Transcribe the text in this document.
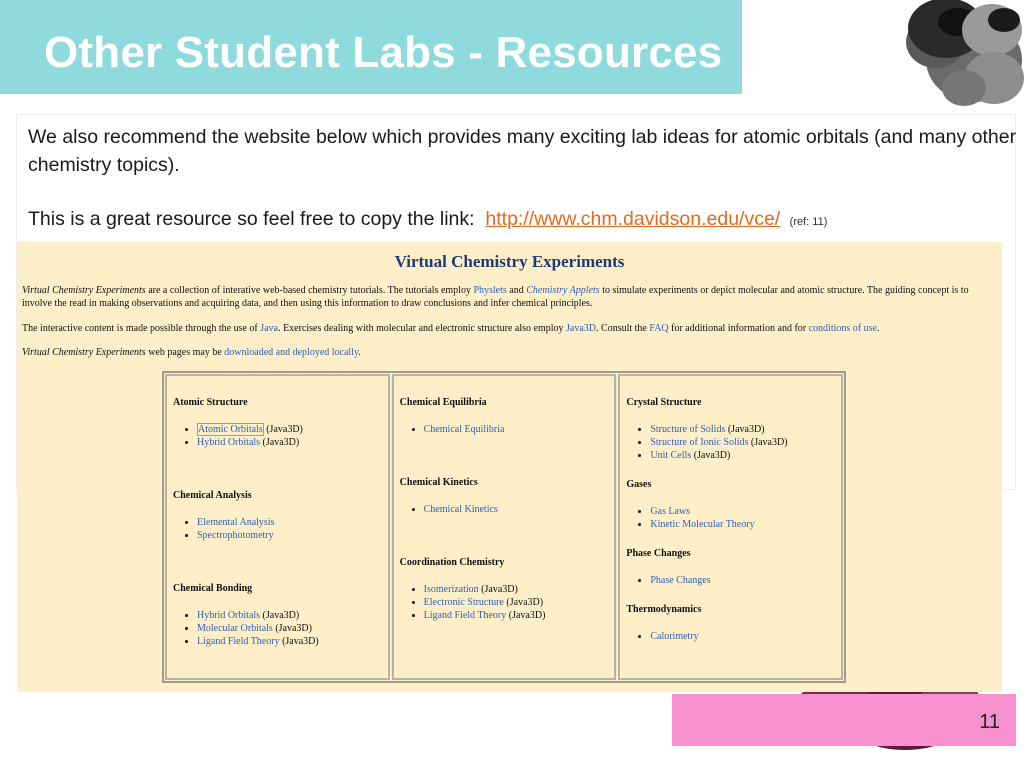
Other Student Labs - Resources
11

We also recommend the website below which provides many exciting lab ideas for atomic orbitals (and many other chemistry topics).

This is a great resource so feel free to copy the link: http://www.chm.davidson.edu/vce/ (ref: 11)

Virtual Chemistry Experiments

Virtual Chemistry Experiments are a collection of interative web-based chemistry tutorials. The tutorials employ Physlets and Chemistry Applets to simulate experiments or depict molecular and atomic structure. The guiding concept is to involve the read in making observations and acquiring data, and then using this information to draw conclusions and infer chemical principles.

The interactive content is made possible through the use of Java. Exercises dealing with molecular and electronic structure also employ Java3D. Consult the FAQ for additional information and for conditions of use.

Virtual Chemistry Experiments web pages may be downloaded and deployed locally.

Atomic Structure
• Atomic Orbitals (Java3D)
• Hybrid Orbitals (Java3D)
Chemical Analysis
• Elemental Analysis
• Spectrophotometry
Chemical Bonding
• Hybrid Orbitals (Java3D)
• Molecular Orbitals (Java3D)
• Ligand Field Theory (Java3D)
Chemical Equilibria
• Chemical Equilibria
Chemical Kinetics
• Chemical Kinetics
Coordination Chemistry
• Isomerization (Java3D)
• Electronic Structure (Java3D)
• Ligand Field Theory (Java3D)
Crystal Structure
• Structure of Solids (Java3D)
• Structure of Ionic Solids (Java3D)
• Unit Cells (Java3D)
Gases
• Gas Laws
• Kinetic Molecular Theory
Phase Changes
• Phase Changes
Thermodynamics
• Calorimetry
